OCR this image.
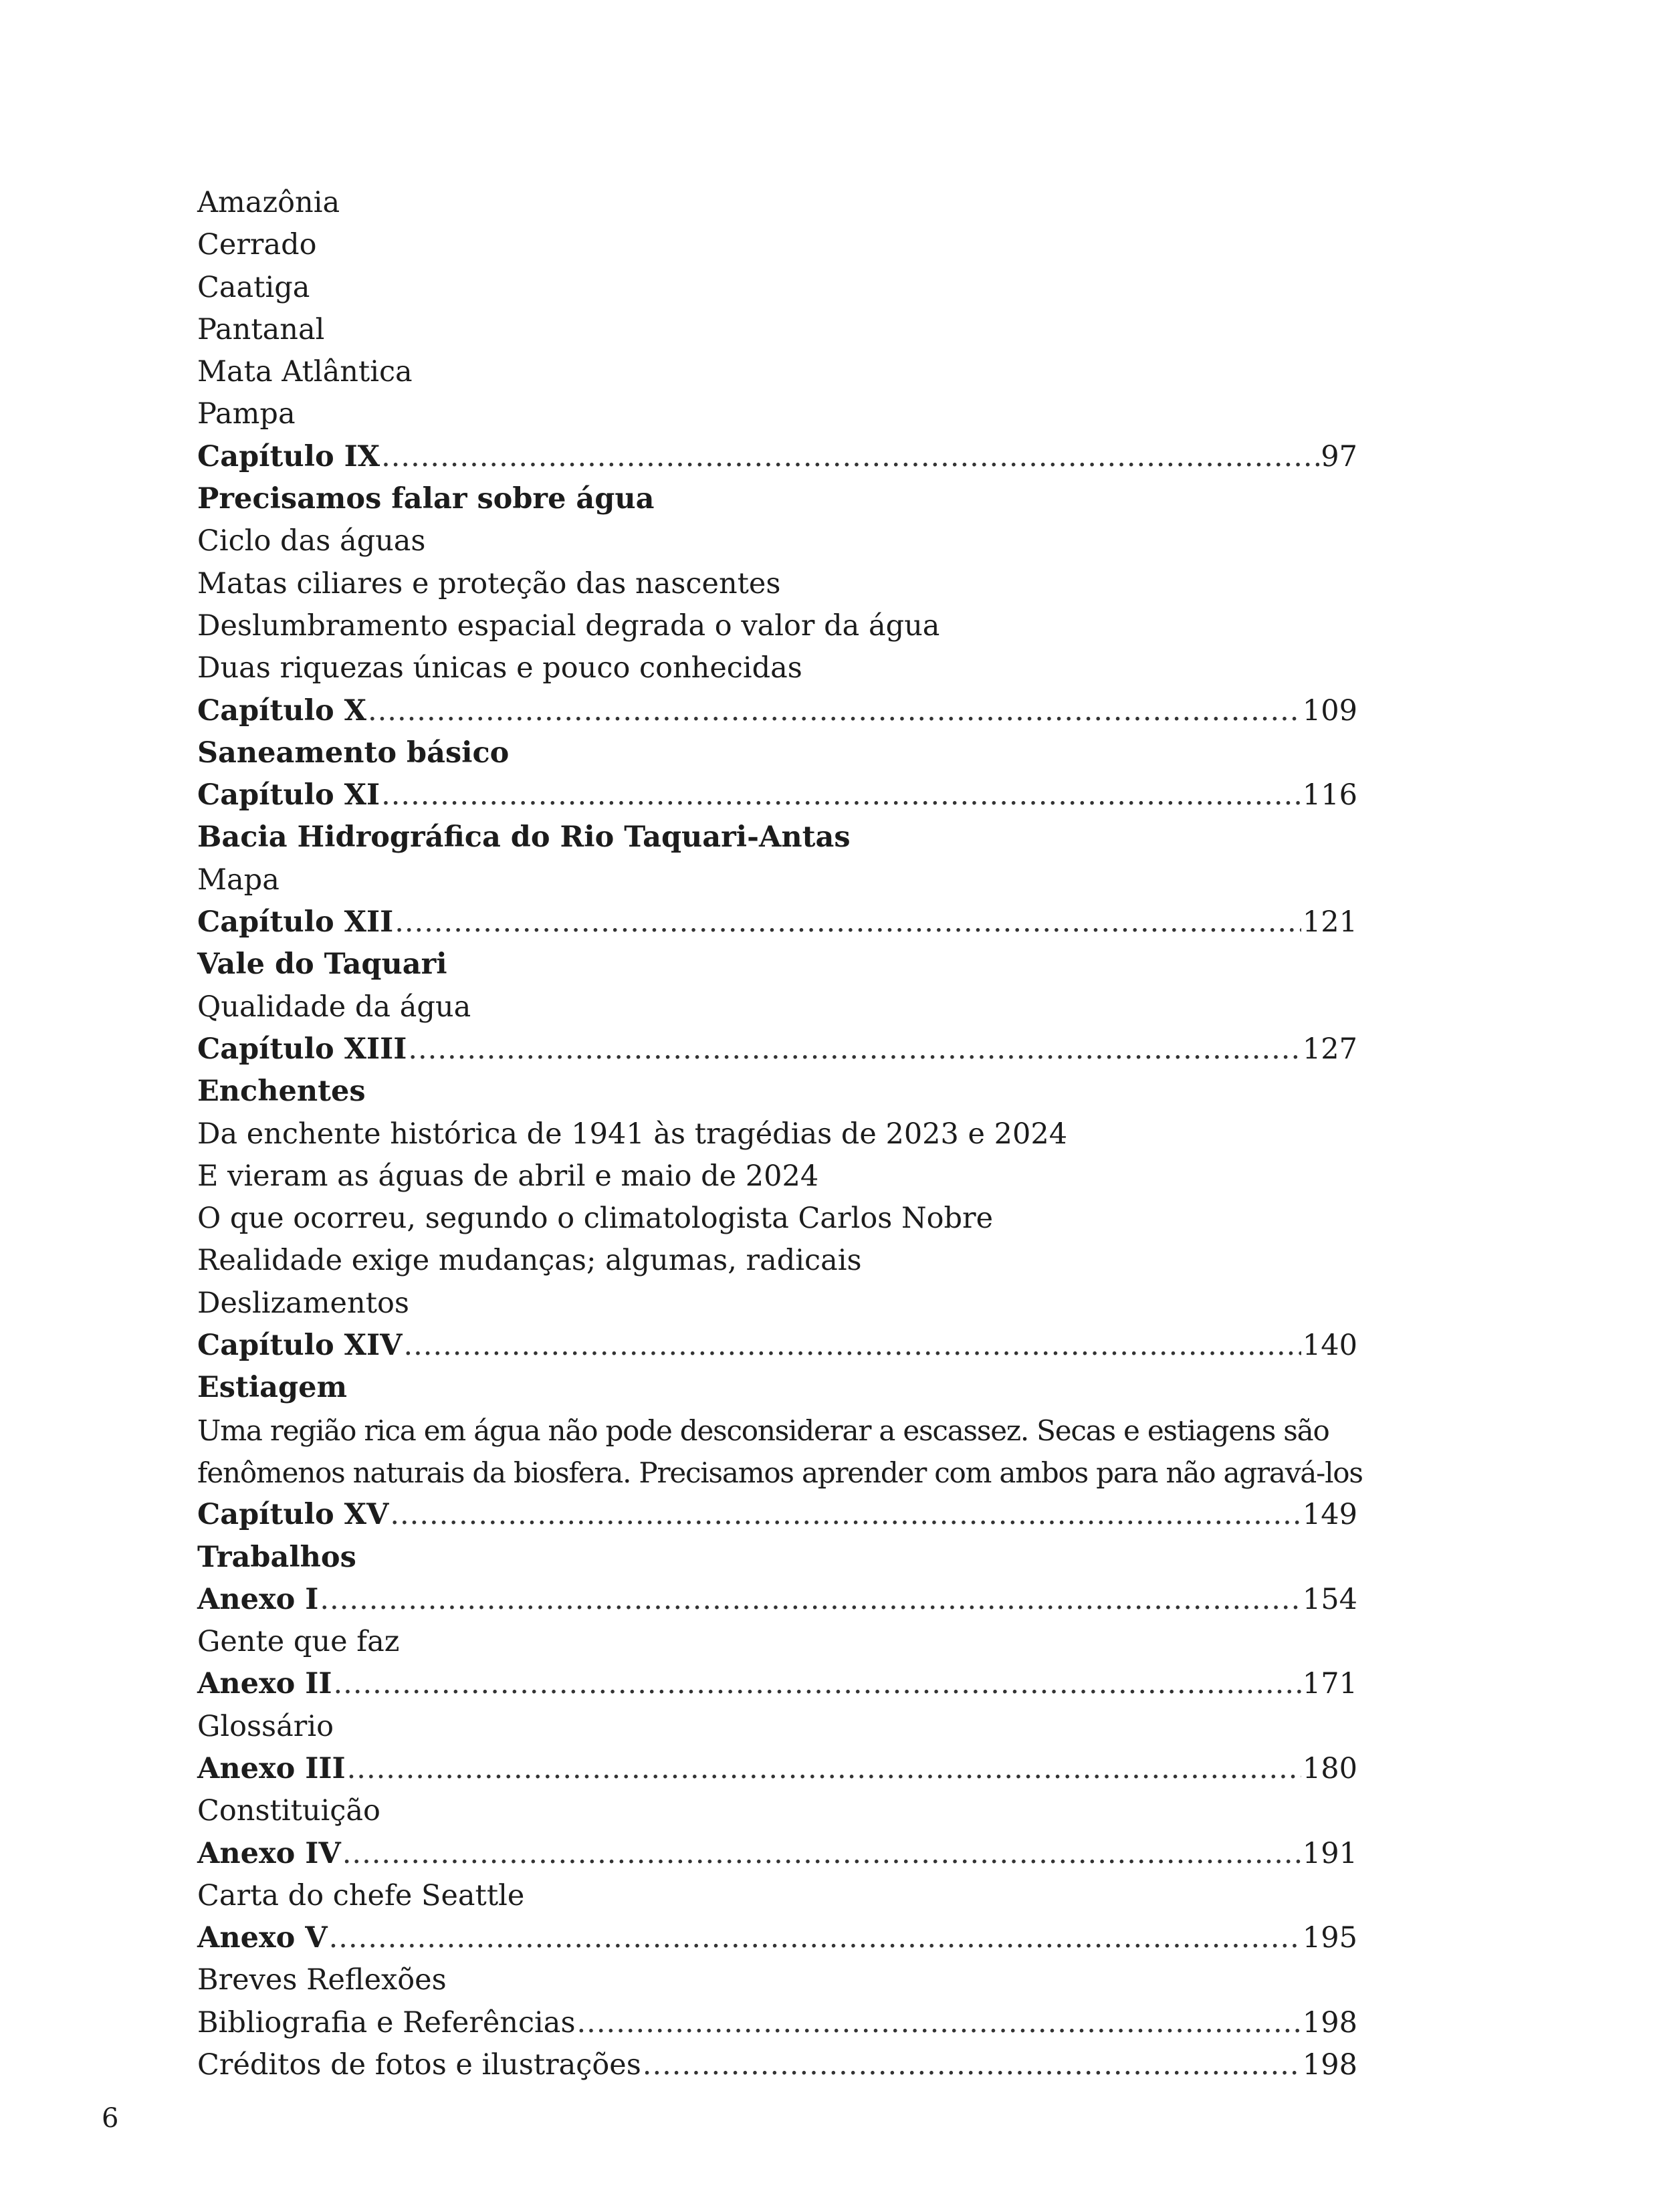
Amazônia
Cerrado
Caatiga
Pantanal
Mata Atlântica
Pampa
Capítulo IX .....	97
Precisamos falar sobre água
Ciclo das águas
Matas ciliares e proteção das nascentes
Deslumbramento espacial degrada o valor da água
Duas riquezas únicas e pouco conhecidas
Capítulo X .....	109
Saneamento básico
Capítulo XI .....	116
Bacia Hidrográfica do Rio Taquari-Antas
Mapa
Capítulo XII .....	121
Vale do Taquari
Qualidade da água
Capítulo XIII .....	127
Enchentes
Da enchente histórica de 1941 às tragédias de 2023 e 2024
E vieram as águas de abril e maio de 2024
O que ocorreu, segundo o climatologista Carlos Nobre
Realidade exige mudanças; algumas, radicais
Deslizamentos
Capítulo XIV .....	140
Estiagem
Uma região rica em água não pode desconsiderar a escassez. Secas e estiagens são
fenômenos naturais da biosfera. Precisamos aprender com ambos para não agravá-los
Capítulo XV .....	149
Trabalhos
Anexo I .....	154
Gente que faz
Anexo II .....	171
Glossário
Anexo III .....	180
Constituição
Anexo IV .....	191
Carta do chefe Seattle
Anexo V .....	195
Breves Reflexões
Bibliografia e Referências .....	198
Créditos de fotos e ilustrações .....	198
6
